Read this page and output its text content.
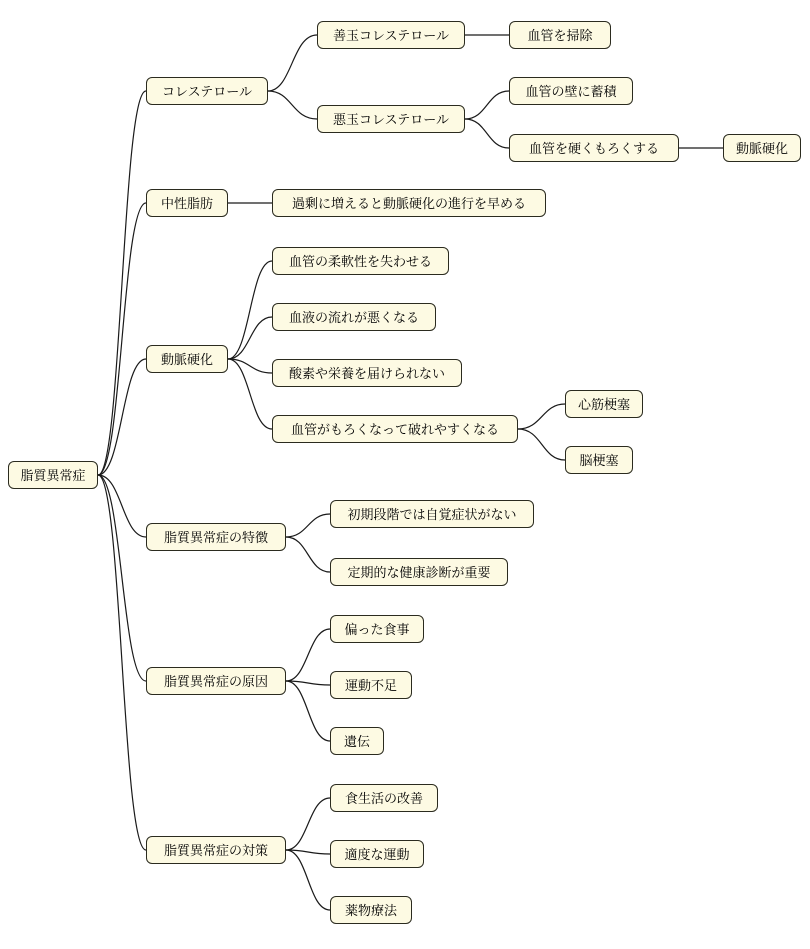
脂質異常症
コレステロール
善玉コレステロール	血管を掃除
悪玉コレステロール
血管の壁に蓄積
血管を硬くもろくする	動脈硬化
中性脂肪	過剰に増えると動脈硬化の進行を早める
動脈硬化
血管の柔軟性を失わせる
血液の流れが悪くなる
酸素や栄養を届けられない
血管がもろくなって破れやすくなる
心筋梗塞
脳梗塞
脂質異常症の特徴
初期段階では自覚症状がない
定期的な健康診断が重要
脂質異常症の原因
偏った食事
運動不足
遺伝
脂質異常症の対策
食生活の改善
適度な運動
薬物療法
